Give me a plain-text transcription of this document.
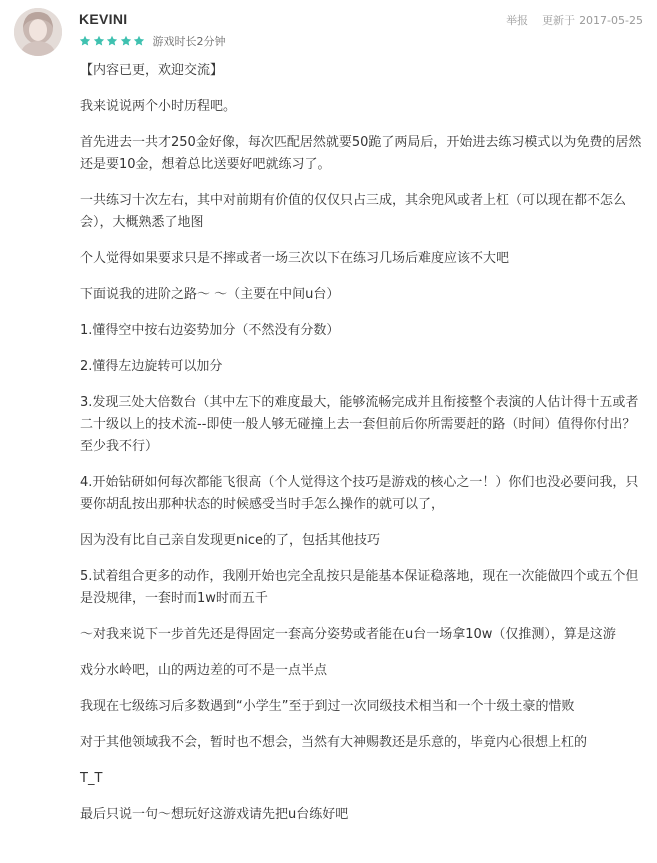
KEVINI
游戏时长2分钟
举报 更新于 2017-05-25

【内容已更，欢迎交流】

我来说说两个小时历程吧。

首先进去一共才250金好像，每次匹配居然就要50跪了两局后，开始进去练习模式以为免费的居然还是要10金，想着总比送要好吧就练习了。

一共练习十次左右，其中对前期有价值的仅仅只占三成，其余兜风或者上杠（可以现在都不怎么会），大概熟悉了地图

个人觉得如果要求只是不摔或者一场三次以下在练习几场后难度应该不大吧

下面说我的进阶之路～ ～（主要在中间u台）

1.懂得空中按右边姿势加分（不然没有分数）

2.懂得左边旋转可以加分

3.发现三处大倍数台（其中左下的难度最大，能够流畅完成并且衔接整个表演的人估计得十五或者二十级以上的技术流--即使一般人够无碰撞上去一套但前后你所需要赶的路（时间）值得你付出？至少我不行）

4.开始钻研如何每次都能飞很高（个人觉得这个技巧是游戏的核心之一！）你们也没必要问我，只要你胡乱按出那种状态的时候感受当时手怎么操作的就可以了，

因为没有比自己亲自发现更nice的了，包括其他技巧

5.试着组合更多的动作，我刚开始也完全乱按只是能基本保证稳落地，现在一次能做四个或五个但是没规律，一套时而1w时而五千

～对我来说下一步首先还是得固定一套高分姿势或者能在u台一场拿10w（仅推测），算是这游

戏分水岭吧，山的两边差的可不是一点半点

我现在七级练习后多数遇到“小学生”至于到过一次同级技术相当和一个十级土豪的惜败

对于其他领域我不会，暂时也不想会，当然有大神赐教还是乐意的，毕竟内心很想上杠的

T_T

最后只说一句～想玩好这游戏请先把u台练好吧
